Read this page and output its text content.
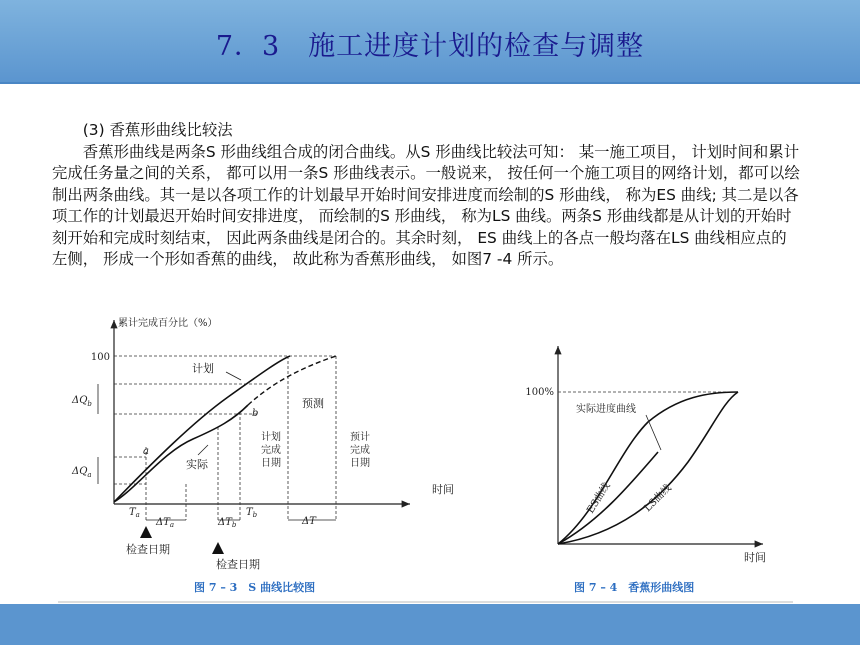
7．3　施工进度计划的检查与调整

(3) 香蕉形曲线比较法

香蕉形曲线是两条S 形曲线组合成的闭合曲线。从S 形曲线比较法可知： 某一施工项目， 计划时间和累计完成任务量之间的关系， 都可以用一条S 形曲线表示。一般说来， 按任何一个施工项目的网络计划，都可以绘制出两条曲线。其一是以各项工作的计划最早开始时间安排进度而绘制的S 形曲线， 称为ES 曲线; 其二是以各项工作的计划最迟开始时间安排进度， 而绘制的S 形曲线， 称为LS 曲线。两条S 形曲线都是从计划的开始时刻开始和完成时刻结束， 因此两条曲线是闭合的。其余时刻， ES 曲线上的各点一般均落在LS 曲线相应点的左侧， 形成一个形如香蕉的曲线， 故此称为香蕉形曲线， 如图7 -4 所示。

累计完成百分比（%）
100
计划
实际
预测
a
b
$\Delta Q_b$
$\Delta Q_a$
计划 完成 日期
预计 完成 日期
时间
$T_a$
$\Delta T_a$	$\Delta T_b$
$T_b$
ΔT
检查日期
检查日期
图 7 – 3　S 曲线比较图
100%
实际进度曲线
ES曲线	LS曲线
时间
图 7 – 4　香蕉形曲线图
